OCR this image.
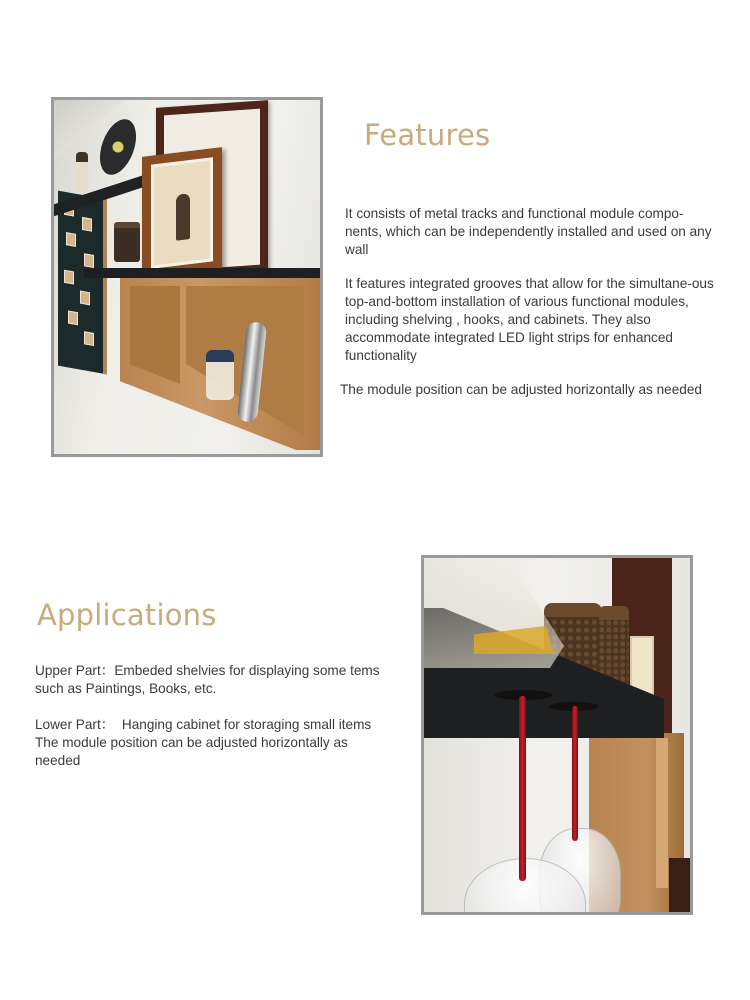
Features

It consists of metal tracks and functional module compo-nents, which can be independently installed and used on any wall

It features integrated grooves that allow for the simultane-ous top-and-bottom installation of various functional modules, including shelving , hooks, and cabinets. They also accommodate integrated LED light strips for enhanced functionality

The module position can be adjusted horizontally as needed

Applications

Upper Part：Embeded shelvies for displaying some tems such as Paintings, Books, etc.

Lower Part： Hanging cabinet for storaging small items
The module position can be adjusted horizontally as needed
